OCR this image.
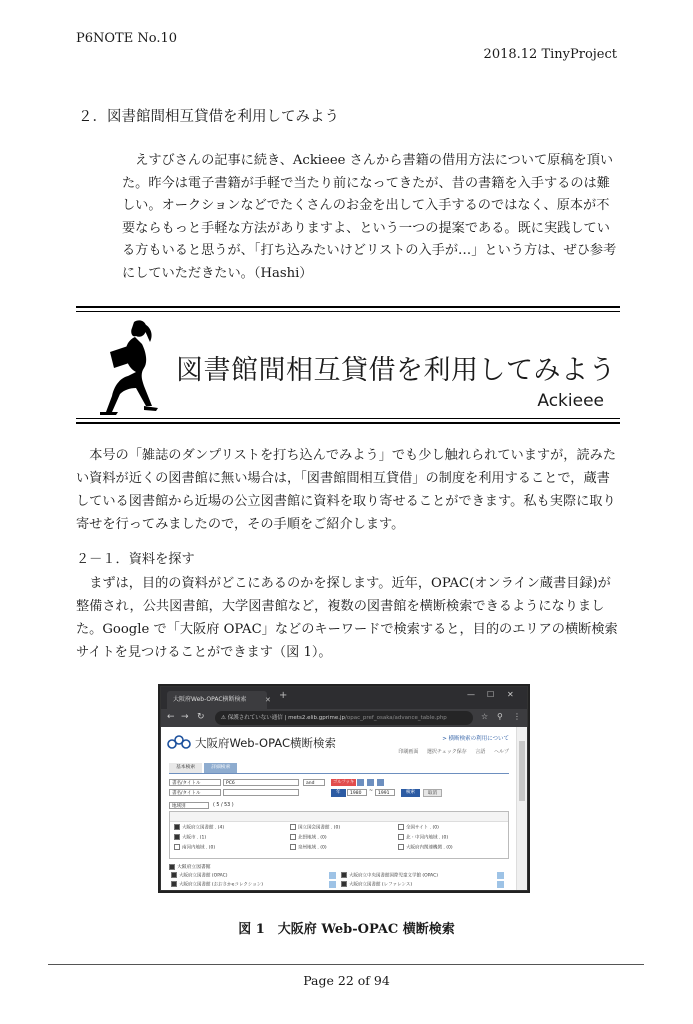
P6NOTE No.10
2018.12 TinyProject
２．図書館間相互貸借を利用してみよう

えすびさんの記事に続き、Ackieee さんから書籍の借用方法について原稿を頂いた。昨今は電子書籍が手軽で当たり前になってきたが、昔の書籍を入手するのは難しい。オークションなどでたくさんのお金を出して入手するのではなく、原本が不要ならもっと手軽な方法がありますよ、という一つの提案である。既に実践している方もいると思うが、「打ち込みたいけどリストの入手が…」という方は、ぜひ参考にしていただきたい。（Hashi）

図書館間相互貸借を利用してみよう
Ackieee

本号の「雑誌のダンプリストを打ち込んでみよう」でも少し触れられていますが，読みたい資料が近くの図書館に無い場合は，「図書館間相互貸借」の制度を利用することで，蔵書している図書館から近場の公立図書館に資料を取り寄せることができます。私も実際に取り寄せを行ってみましたので，その手順をご紹介します。

２－１．資料を探す

まずは，目的の資料がどこにあるのかを探します。近年，OPAC(オンライン蔵書目録)が整備され，公共図書館，大学図書館など，複数の図書館を横断検索できるようになりました。Google で「大阪府 OPAC」などのキーワードで検索すると，目的のエリアの横断検索サイトを見つけることができます（図 1）。

大阪府Web-OPAC横断検索	✕ +	— ☐ ✕
← → ↻	⚠ 保護されていない通信 | mets2.elib.gprime.jp/opac_pref_osaka/advance_table.php	☆ ⚲ ⋮
大阪府Web-OPAC横断検索	> 横断検索の利用について
印刷画面 選択チェック保存 言語 ヘルプ
基本検索	詳細検索
書名/タイトル	PC6	and	ゴルフッキ
書名/タイトル	年	1980	~	1991	検索	取消
地域別	( 5 / 53 )
大阪府立図書館 . (4)	国立国会図書館 . (0)	全国サイト . (0)
大阪市 . (1)	北摂地域 . (0)	北・中河内地域 . (0)
南河内地域 . (0)	泉州地域 . (0)	大阪府内関連機関 . (0)
大阪府立図書館
大阪府立図書館 (OPAC)	大阪府立中央図書館国際児童文学館 (OPAC)
大阪府立図書館 (おおさかeコレクション)	大阪府立図書館 (レファレンス)
図 1　大阪府 Web-OPAC 横断検索
Page 22 of 94
